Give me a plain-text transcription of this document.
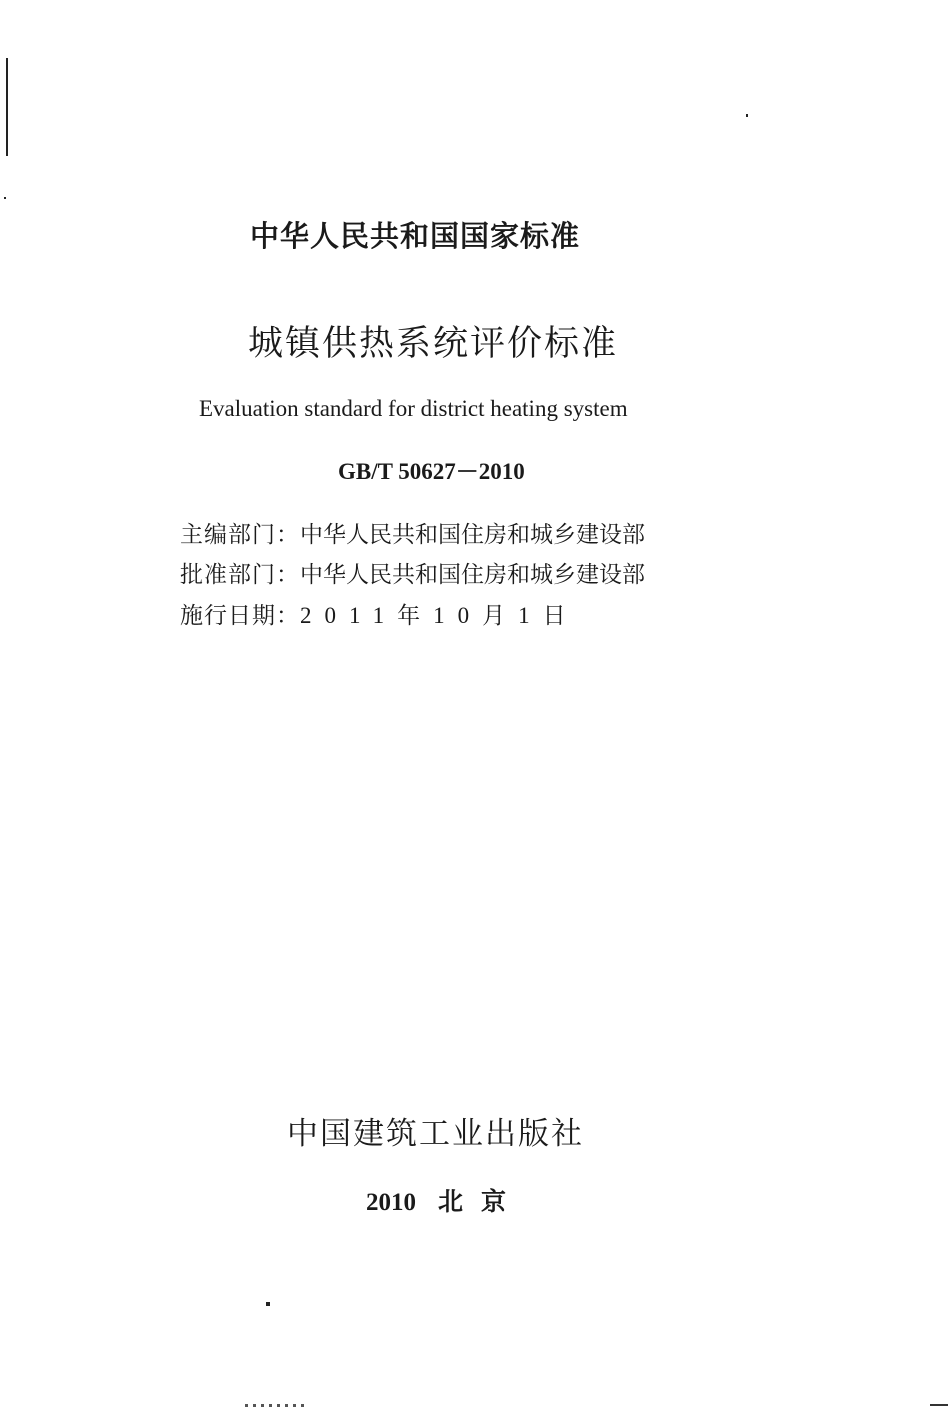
中华人民共和国国家标准
城镇供热系统评价标准
Evaluation standard for district heating system
GB/T 50627－2010
主编部门：中华人民共和国住房和城乡建设部
批准部门：中华人民共和国住房和城乡建设部
施行日期：2011年10月1日
中国建筑工业出版社
2010 北京
